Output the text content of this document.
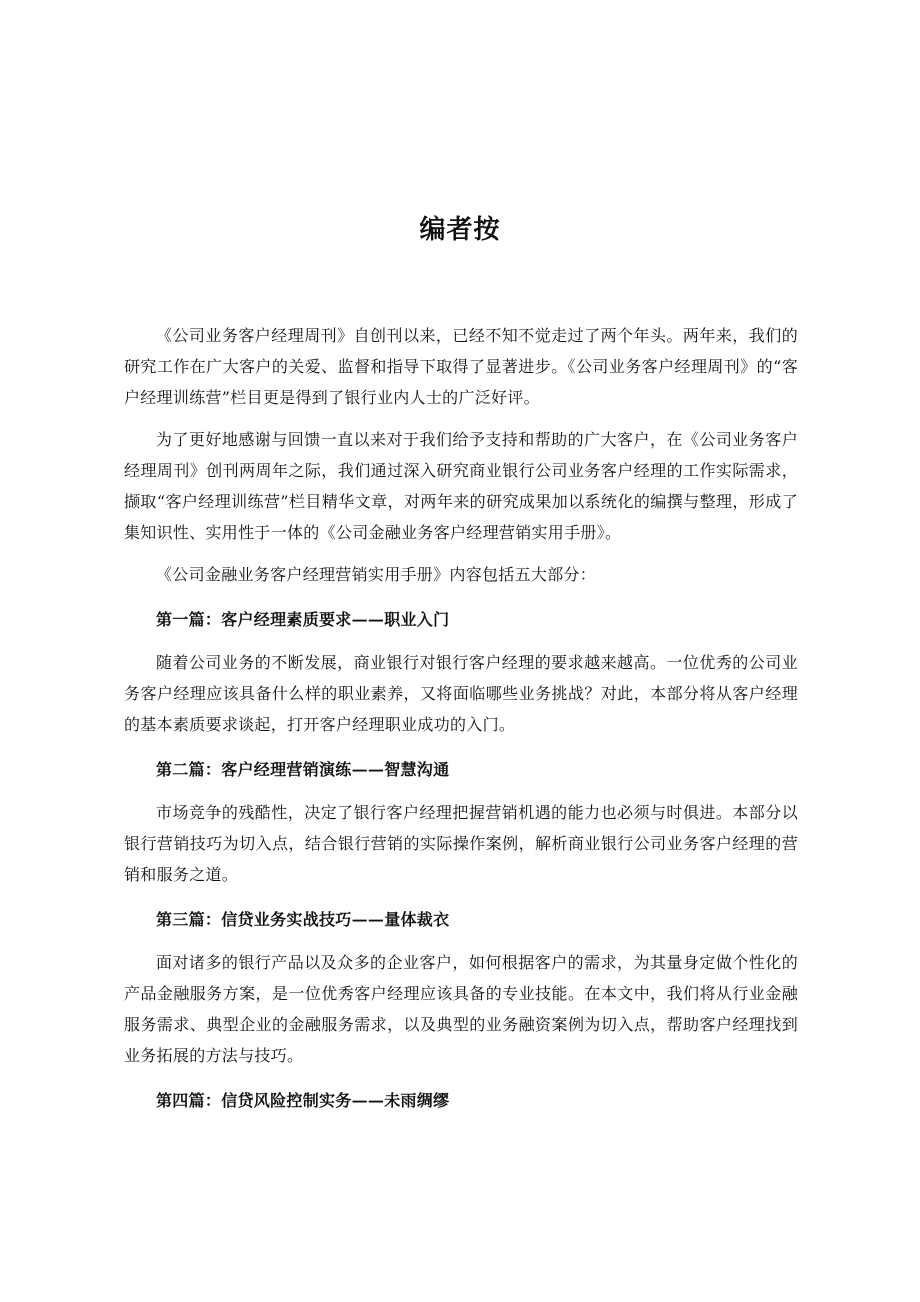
编者按

《公司业务客户经理周刊》自创刊以来，已经不知不觉走过了两个年头。两年来，我们的研究工作在广大客户的关爱、监督和指导下取得了显著进步。《公司业务客户经理周刊》的“客户经理训练营”栏目更是得到了银行业内人士的广泛好评。

为了更好地感谢与回馈一直以来对于我们给予支持和帮助的广大客户，在《公司业务客户经理周刊》创刊两周年之际，我们通过深入研究商业银行公司业务客户经理的工作实际需求，撷取“客户经理训练营”栏目精华文章，对两年来的研究成果加以系统化的编撰与整理，形成了集知识性、实用性于一体的《公司金融业务客户经理营销实用手册》。

《公司金融业务客户经理营销实用手册》内容包括五大部分：

第一篇：客户经理素质要求——职业入门

随着公司业务的不断发展，商业银行对银行客户经理的要求越来越高。一位优秀的公司业务客户经理应该具备什么样的职业素养，又将面临哪些业务挑战？对此，本部分将从客户经理的基本素质要求谈起，打开客户经理职业成功的入门。

第二篇：客户经理营销演练——智慧沟通

市场竞争的残酷性，决定了银行客户经理把握营销机遇的能力也必须与时俱进。本部分以银行营销技巧为切入点，结合银行营销的实际操作案例，解析商业银行公司业务客户经理的营销和服务之道。

第三篇：信贷业务实战技巧——量体裁衣

面对诸多的银行产品以及众多的企业客户，如何根据客户的需求，为其量身定做个性化的产品金融服务方案，是一位优秀客户经理应该具备的专业技能。在本文中，我们将从行业金融服务需求、典型企业的金融服务需求，以及典型的业务融资案例为切入点，帮助客户经理找到业务拓展的方法与技巧。

第四篇：信贷风险控制实务——未雨绸缪
